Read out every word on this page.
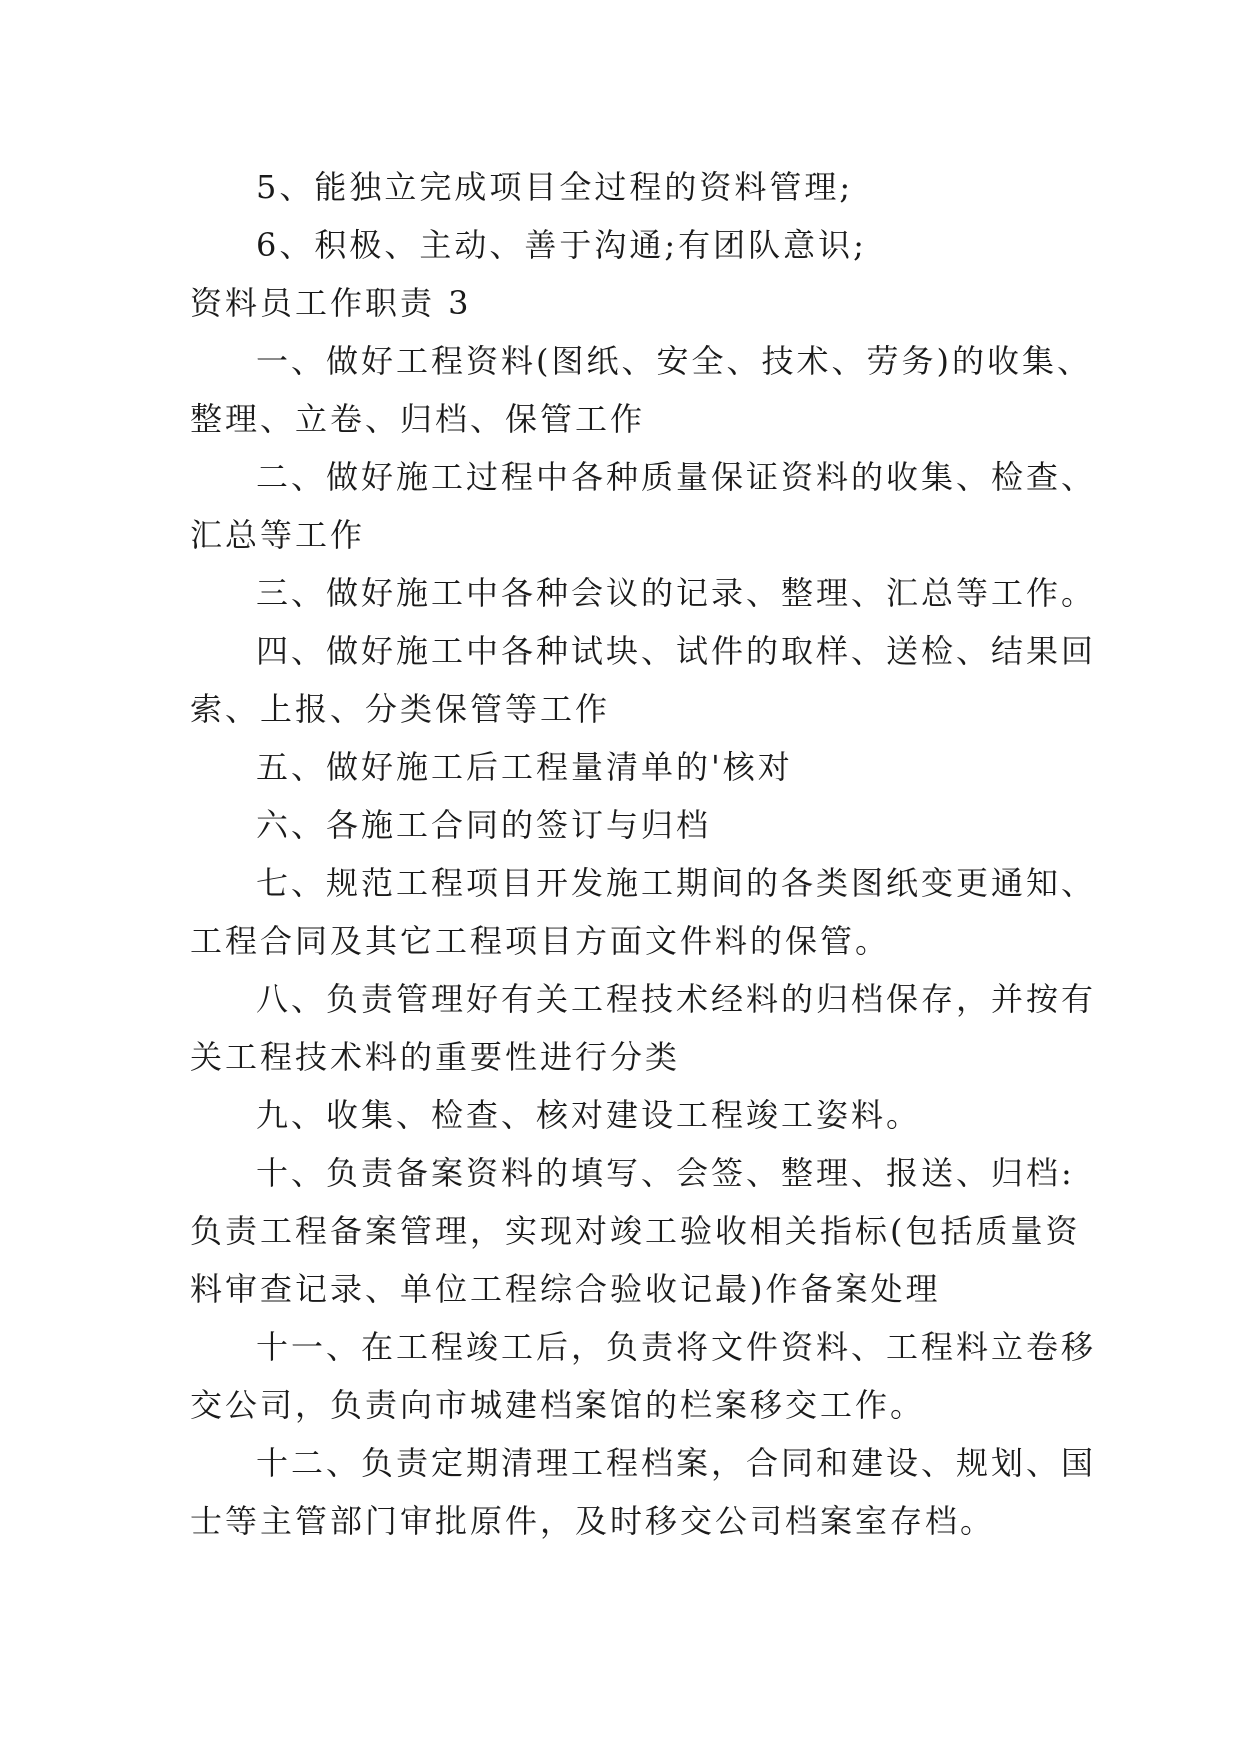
5、能独立完成项目全过程的资料管理;
6、积极、主动、善于沟通;有团队意识;
资料员工作职责 3
一、做好工程资料(图纸、安全、技术、劳务)的收集、
整理、立卷、归档、保管工作
二、做好施工过程中各种质量保证资料的收集、检查、
汇总等工作
三、做好施工中各种会议的记录、整理、汇总等工作。
四、做好施工中各种试块、试件的取样、送检、结果回
索、上报、分类保管等工作
五、做好施工后工程量清单的'核对
六、各施工合同的签订与归档
七、规范工程项目开发施工期间的各类图纸变更通知、
工程合同及其它工程项目方面文件料的保管。
八、负责管理好有关工程技术经料的归档保存，并按有
关工程技术料的重要性进行分类
九、收集、检查、核对建设工程竣工姿料。
十、负责备案资料的填写、会签、整理、报送、归档:
负责工程备案管理，实现对竣工验收相关指标(包括质量资
料审查记录、单位工程综合验收记最)作备案处理
十一、在工程竣工后，负责将文件资料、工程料立卷移
交公司，负责向市城建档案馆的栏案移交工作。
十二、负责定期清理工程档案，合同和建设、规划、国
士等主管部门审批原件，及时移交公司档案室存档。
